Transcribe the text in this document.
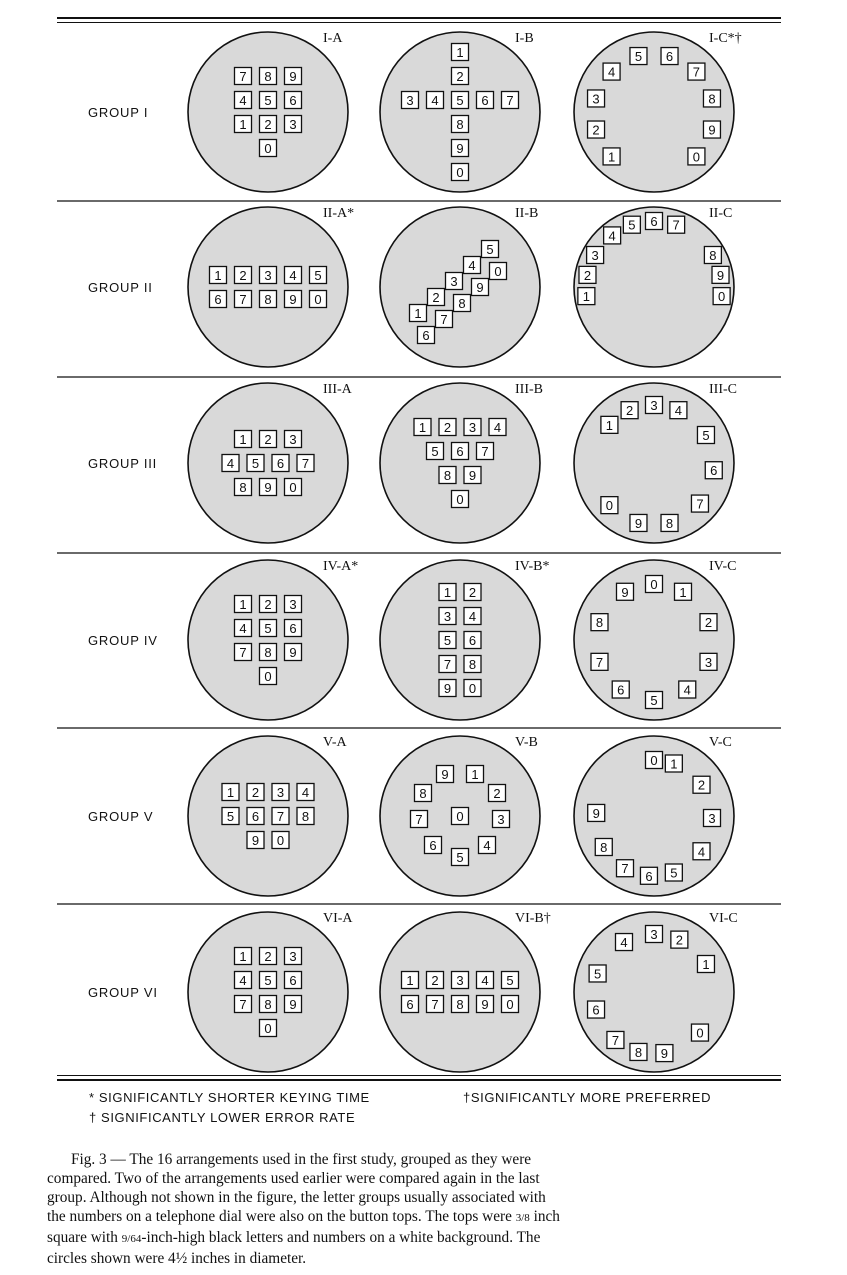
GROUP I
I-A
7 8 9
4 5 6
1 2 3
0
I-B
1
2
3 4 5 6 7
8
9
0
I-C*†
5 6
4	7
3	8
2	9
1	0
GROUP II
II-A*
1 2 3 4 5
6 7 8 9 0
II-B
5
4 0
3 9
2 8
1 7
6
II-C
4
5 6 7
3	8
2	9
1	0
GROUP III
III-A
1 2 3
4 5 6 7
8 9 0
III-B
1 2 3 4
5 6 7
8 9
0
III-C
2 3
1
4
5
6
0	7
9 8
GROUP IV
IV-A*
1 2 3
4 5 6
7 8 9
0
IV-B*
1 2
3 4
5 6
7 8
9 0
IV-C
9
0
1
8	2
7	3
6
5
4
GROUP V
V-A
1 2 3 4
5 6 7 8
9 0
V-B
9 1
8	2
7	0	3
6
5
4
V-C
0 1
2
9	3
8	4
7
6 5
GROUP VI
VI-A
1 2 3
4 5 6
7 8 9
0
VI-B†
1 2 3 4 5
6 7 8 9 0
VI-C
3 2
4
1
5
6
7	0
8 9
* SIGNIFICANTLY SHORTER KEYING TIME
† SIGNIFICANTLY LOWER ERROR RATE
†SIGNIFICANTLY MORE PREFERRED
Fig. 3 — The 16 arrangements used in the first study, grouped as they were
compared. Two of the arrangements used earlier were compared again in the last
group. Although not shown in the figure, the letter groups usually associated with
the numbers on a telephone dial were also on the button tops. The tops were 3/8 inch
square with 9/64-inch-high black letters and numbers on a white background. The
circles shown were 4½ inches in diameter.
